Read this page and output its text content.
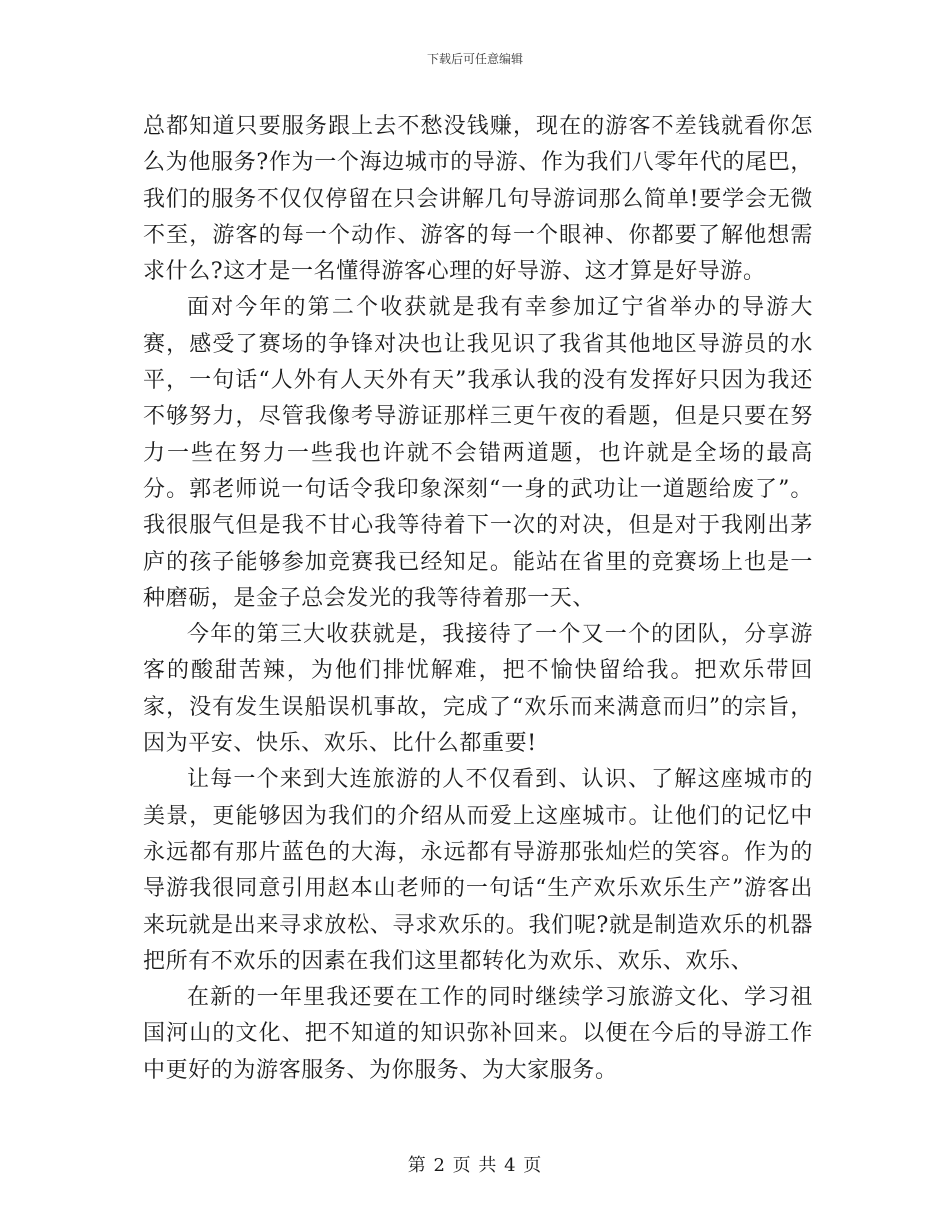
下载后可任意编辑

总都知道只要服务跟上去不愁没钱赚，现在的游客不差钱就看你怎么为他服务?作为一个海边城市的导游、作为我们八零年代的尾巴，我们的服务不仅仅停留在只会讲解几句导游词那么简单!要学会无微不至，游客的每一个动作、游客的每一个眼神、你都要了解他想需求什么?这才是一名懂得游客心理的好导游、这才算是好导游。

面对今年的第二个收获就是我有幸参加辽宁省举办的导游大赛，感受了赛场的争锋对决也让我见识了我省其他地区导游员的水平，一句话“人外有人天外有天”我承认我的没有发挥好只因为我还不够努力，尽管我像考导游证那样三更午夜的看题，但是只要在努力一些在努力一些我也许就不会错两道题，也许就是全场的最高分。郭老师说一句话令我印象深刻“一身的武功让一道题给废了”。我很服气但是我不甘心我等待着下一次的对决，但是对于我刚出茅庐的孩子能够参加竞赛我已经知足。能站在省里的竞赛场上也是一种磨砺，是金子总会发光的我等待着那一天、

今年的第三大收获就是，我接待了一个又一个的团队，分享游客的酸甜苦辣，为他们排忧解难，把不愉快留给我。把欢乐带回家，没有发生误船误机事故，完成了“欢乐而来满意而归”的宗旨，因为平安、快乐、欢乐、比什么都重要!

让每一个来到大连旅游的人不仅看到、认识、了解这座城市的美景，更能够因为我们的介绍从而爱上这座城市。让他们的记忆中永远都有那片蓝色的大海，永远都有导游那张灿烂的笑容。作为的导游我很同意引用赵本山老师的一句话“生产欢乐欢乐生产”游客出来玩就是出来寻求放松、寻求欢乐的。我们呢?就是制造欢乐的机器把所有不欢乐的因素在我们这里都转化为欢乐、欢乐、欢乐、

在新的一年里我还要在工作的同时继续学习旅游文化、学习祖国河山的文化、把不知道的知识弥补回来。以便在今后的导游工作中更好的为游客服务、为你服务、为大家服务。

第 2 页 共 4 页
